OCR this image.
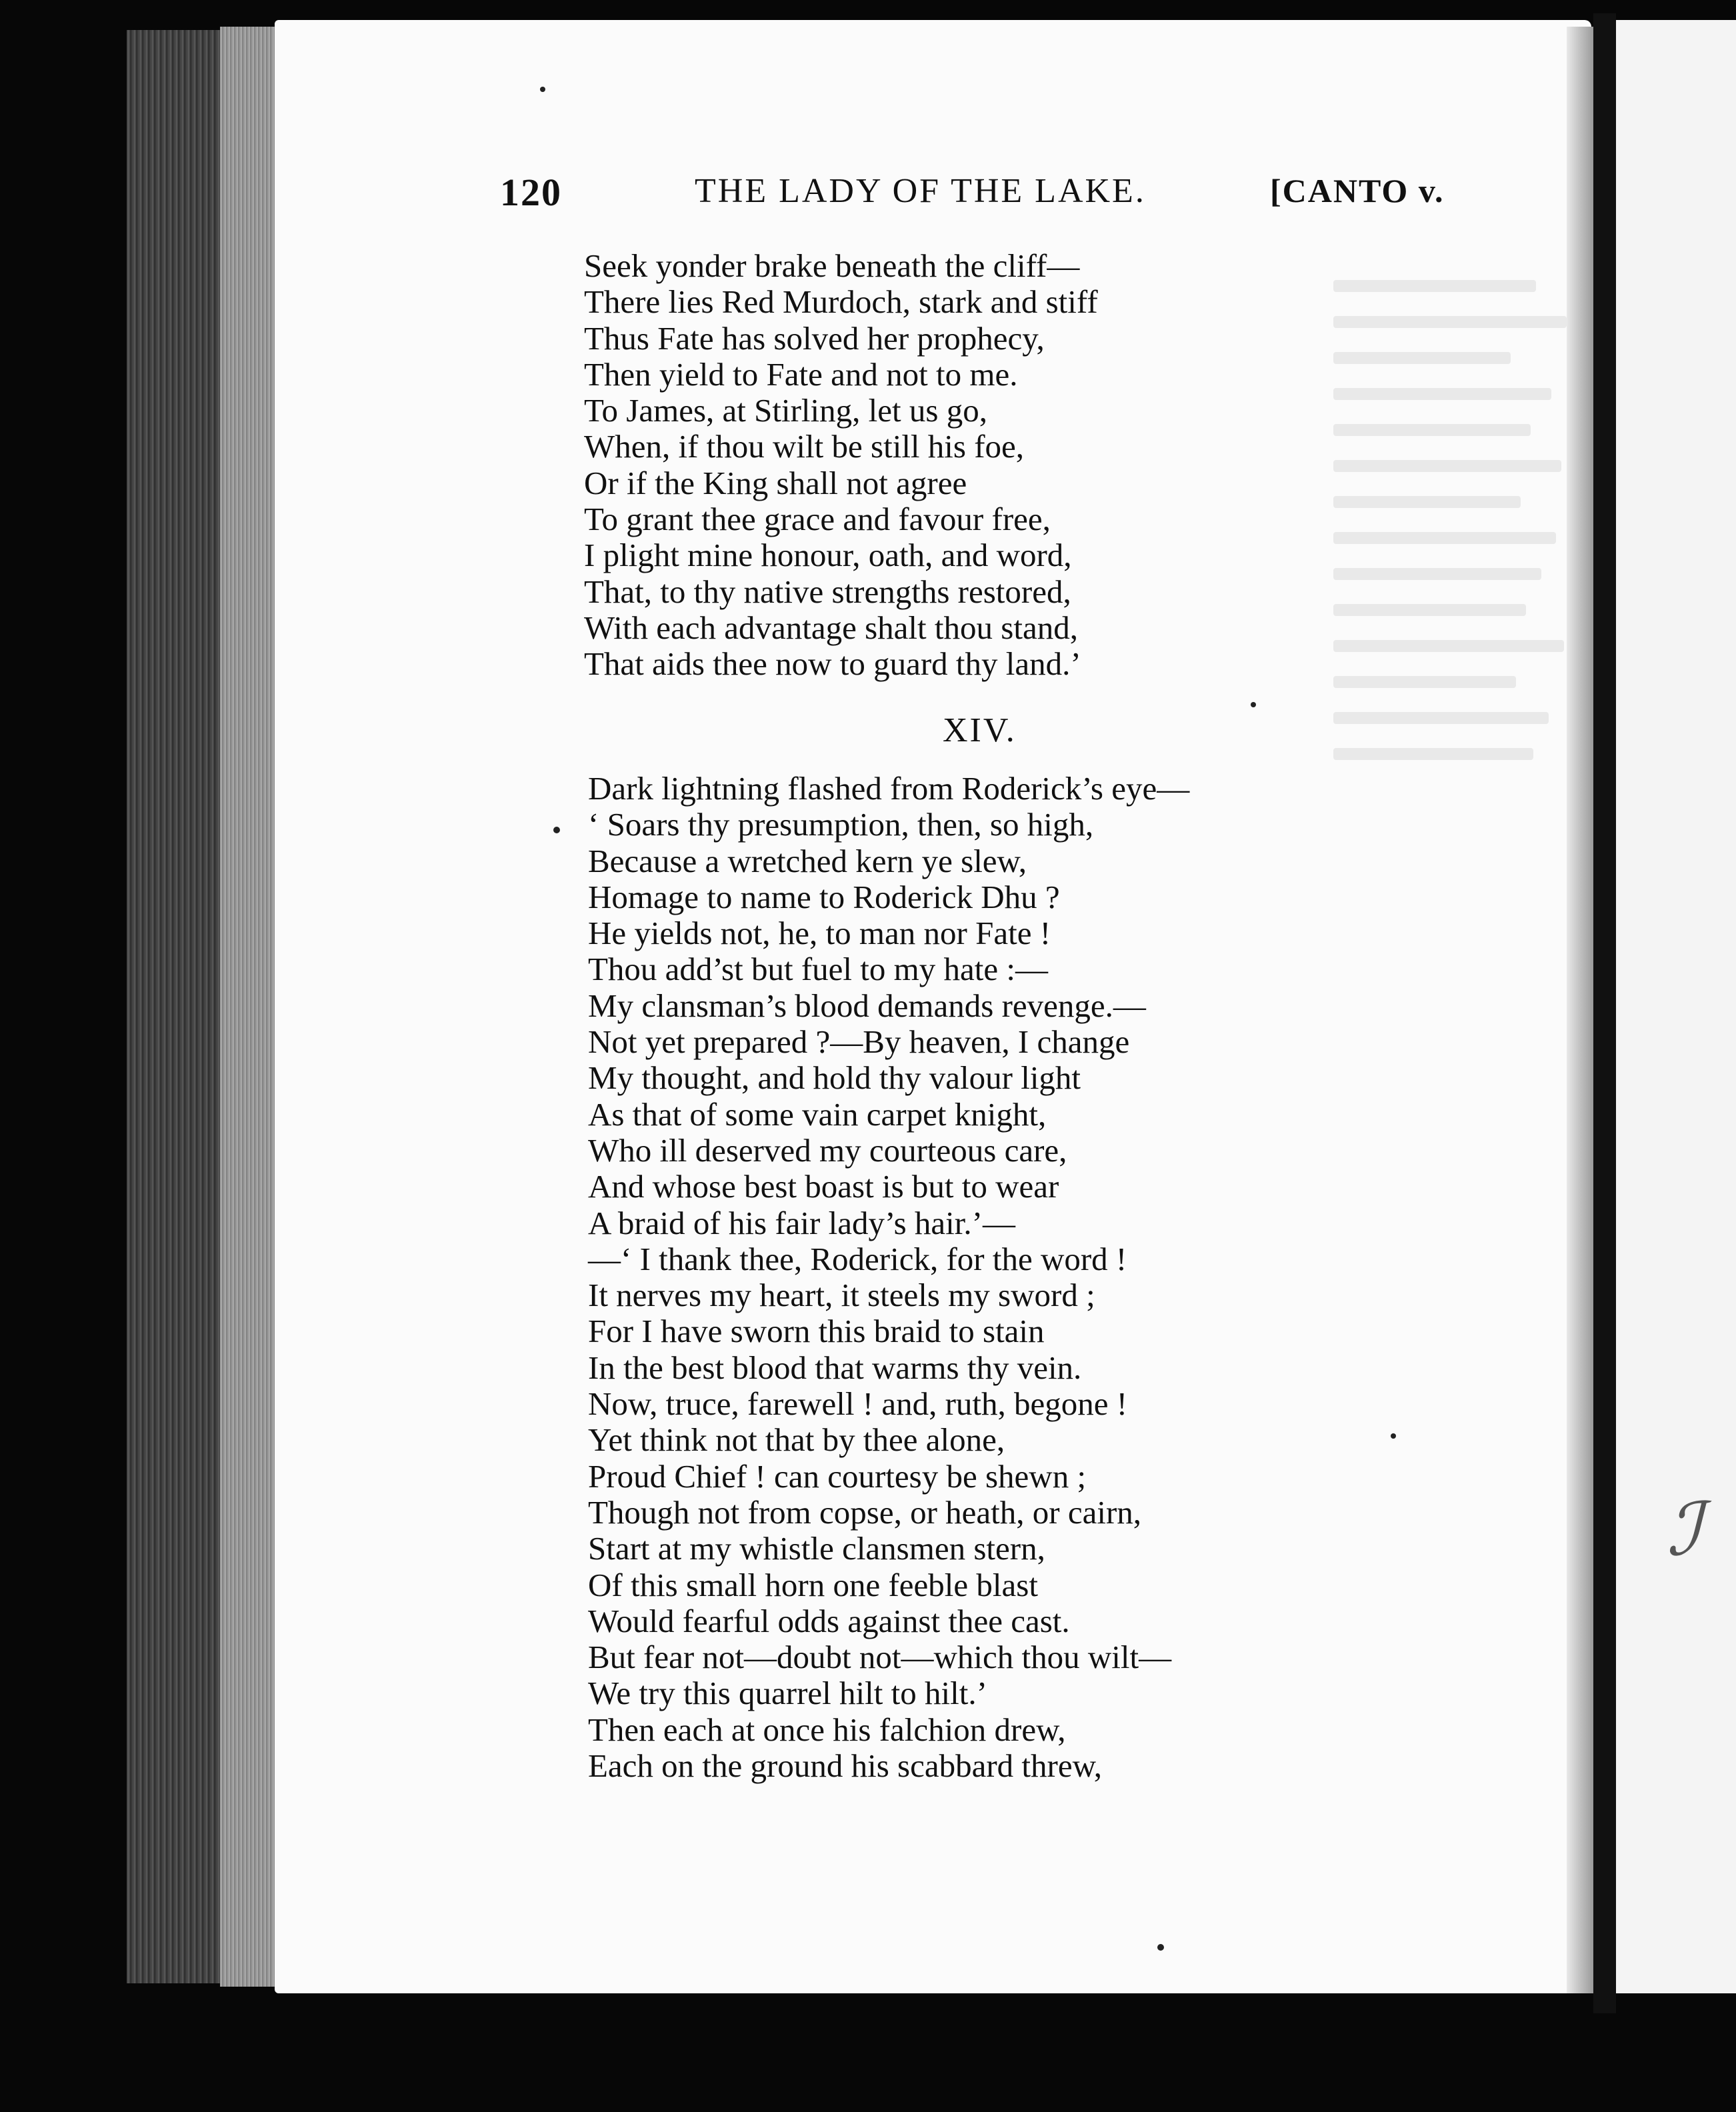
ℐ
120	THE LADY OF THE LAKE.	[CANTO v.
Seek yonder brake beneath the cliff—
There lies Red Murdoch, stark and stiff
Thus Fate has solved her prophecy,
Then yield to Fate and not to me.
To James, at Stirling, let us go,
When, if thou wilt be still his foe,
Or if the King shall not agree
To grant thee grace and favour free,
I plight mine honour, oath, and word,
That, to thy native strengths restored,
With each advantage shalt thou stand,
That aids thee now to guard thy land.’
XIV.
Dark lightning flashed from Roderick’s eye—
‘ Soars thy presumption, then, so high,
Because a wretched kern ye slew,
Homage to name to Roderick Dhu ?
He yields not, he, to man nor Fate !
Thou add’st but fuel to my hate :—
My clansman’s blood demands revenge.—
Not yet prepared ?—By heaven, I change
My thought, and hold thy valour light
As that of some vain carpet knight,
Who ill deserved my courteous care,
And whose best boast is but to wear
A braid of his fair lady’s hair.’—
—‘ I thank thee, Roderick, for the word !
It nerves my heart, it steels my sword ;
For I have sworn this braid to stain
In the best blood that warms thy vein.
Now, truce, farewell ! and, ruth, begone !
Yet think not that by thee alone,
Proud Chief ! can courtesy be shewn ;
Though not from copse, or heath, or cairn,
Start at my whistle clansmen stern,
Of this small horn one feeble blast
Would fearful odds against thee cast.
But fear not—doubt not—which thou wilt—
We try this quarrel hilt to hilt.’
Then each at once his falchion drew,
Each on the ground his scabbard threw,
